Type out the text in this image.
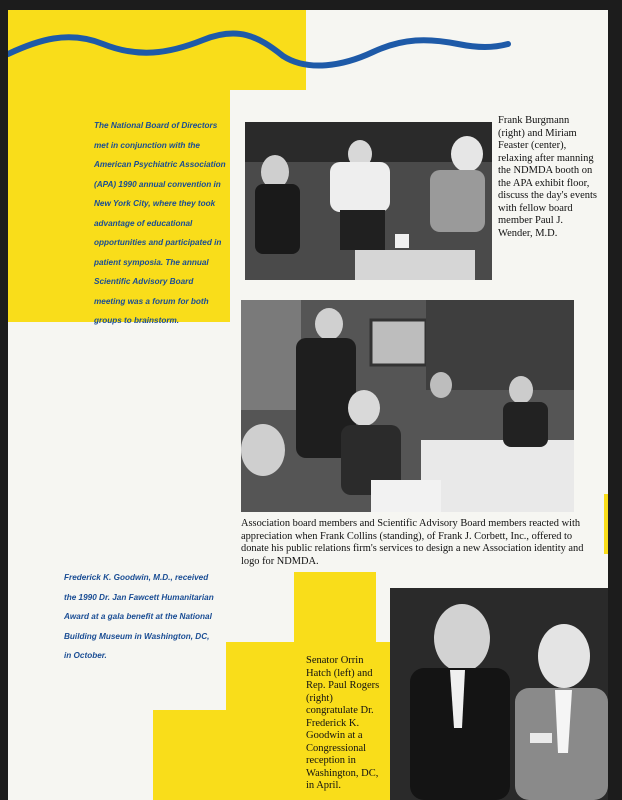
The National Board of Directors met in conjunction with the American Psychiatric Association (APA) 1990 annual convention in New York City, where they took advantage of educational opportunities and participated in patient symposia. The annual Scientific Advisory Board meeting was a forum for both groups to brainstorm.
Frank Burgmann (right) and Miriam Feaster (center), relaxing after manning the NDMDA booth on the APA exhibit floor, discuss the day's events with fellow board member Paul J. Wender, M.D.
Association board members and Scientific Advisory Board members reacted with appreciation when Frank Collins (standing), of Frank J. Corbett, Inc., offered to donate his public relations firm's services to design a new Association identity and logo for NDMDA.
Frederick K. Goodwin, M.D., received the 1990 Dr. Jan Fawcett Humanitarian Award at a gala benefit at the National Building Museum in Washington, DC, in October.	Senator Orrin Hatch (left) and Rep. Paul Rogers (right) congratulate Dr. Frederick K. Goodwin at a Congressional reception in Washington, DC, in April.
